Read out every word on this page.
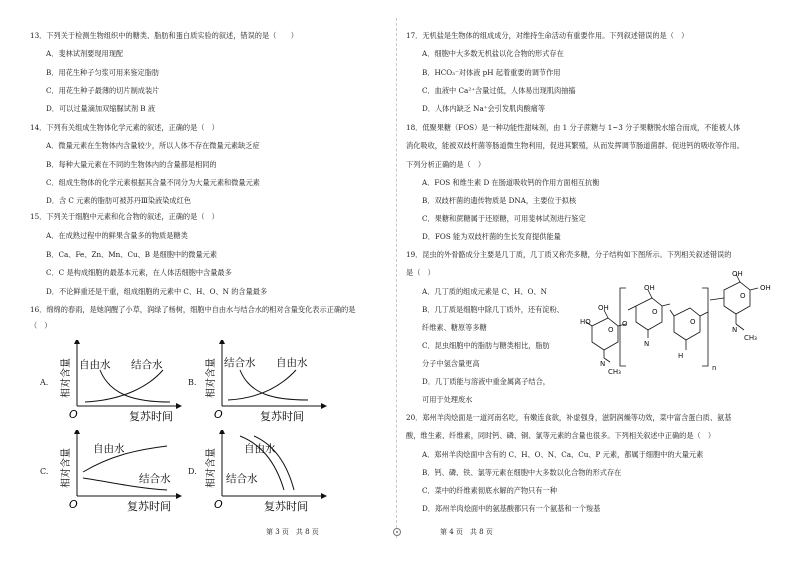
13．下列关于检测生物组织中的糖类、脂肪和蛋白质实验的叙述，错误的是（　　）
A．斐林试剂要现用现配
B．用花生种子匀浆可用来鉴定脂肪
C．用花生种子最薄的切片制成装片
D．可以过量滴加双缩脲试剂 B 液
14．下列有关组成生物体化学元素的叙述，正确的是（　）
A．微量元素在生物体内含量较少，所以人体不存在微量元素缺乏症
B．每种大量元素在不同的生物体内的含量都是相同的
C．组成生物体的化学元素根据其含量不同分为大量元素和微量元素
D．含 C 元素的脂肪可被苏丹Ⅲ染液染成红色
15．下列关于细胞中元素和化合物的叙述，正确的是（　）
A．在成熟过程中的鲜果含量多的物质是糖类
B．Ca、Fe、Zn、Mn、Cu、B 是细胞中的微量元素
C．C 是构成细胞的最基本元素，在人体活细胞中含量最多
D．不论鲜重还是干重，组成细胞的元素中 C、H、O、N 的含量最多
16．绵绵的春雨，是她润醒了小草，润绿了杨树，细胞中自由水与结合水的相对含量变化表示正确的是
（　）
A. 相对含量
O	复苏时间
自由水 结合水
B. 相对含量
O	复苏时间
结合水 自由水
C. 相对含量
O	复苏时间
自由水
结合水
D. 相对含量
O	复苏时间
自由水
结合水
第 3 页　共 8 页
17．无机盐是生物体的组成成分，对维持生命活动有重要作用。下列叙述错误的是（　）
A．细胞中大多数无机盐以化合物的形式存在
B．HCO₃⁻对体液 pH 起着重要的调节作用
C．血液中 Ca²⁺含量过低，人体易出现肌肉抽搐
D．人体内缺乏 Na⁺会引发肌肉酸痛等
18．低聚果糖（FOS）是一种功能性甜味剂，由 1 分子蔗糖与 1~3 分子果糖脱水缩合而成，不能被人体
消化吸收，能被双歧杆菌等肠道微生物利用，促进其繁殖，从而发挥调节肠道菌群、促进钙的吸收等作用。
下列分析正确的是（　）
A．FOS 和维生素 D 在肠道吸收钙的作用方面相互抗衡
B．双歧杆菌的遗传物质是 DNA，主要位于拟核
C．果糖和蔗糖属于还原糖，可用斐林试剂进行鉴定
D．FOS 能为双歧杆菌的生长发育提供能量
19．昆虫的外骨骼成分主要是几丁质，几丁质又称壳多糖，分子结构如下图所示。下列相关叙述错误的
是（　）
A．几丁质的组成元素是 C、H、O、N
B．几丁质是细胞中除几丁质外，还有淀粉、
纤维素、糖原等多糖
C．昆虫细胞中的脂肪与糖类相比，脂肪
分子中氢含量更高
D．几丁质能与溶液中重金属离子结合，
可用于处理废水
HO
OH
O
N
CH₃
O
OH
O
N
H
O
n
OH
OH
O
N
CH₃
20．郑州羊肉烩面是一道河南名吃，有嫩连食欲，补虚强身，滋阴润燥等功效，菜中富含蛋白质、氨基
酸，维生素、纤维素，同时钙、磷、铜、氯等元素的含量也很多。下列相关叙述中正确的是（　）
A．郑州羊肉烩面中含有的 C、H、O、N、Ca、Cu、P 元素，都属于细胞中的大量元素
B．钙、磷、铁、氯等元素在细胞中大多数以化合物的形式存在
C．菜中的纤维素彻底水解的产物只有一种
D．郑州羊肉烩面中的氨基酸都只有一个氨基和一个羧基
第 4 页　共 8 页
